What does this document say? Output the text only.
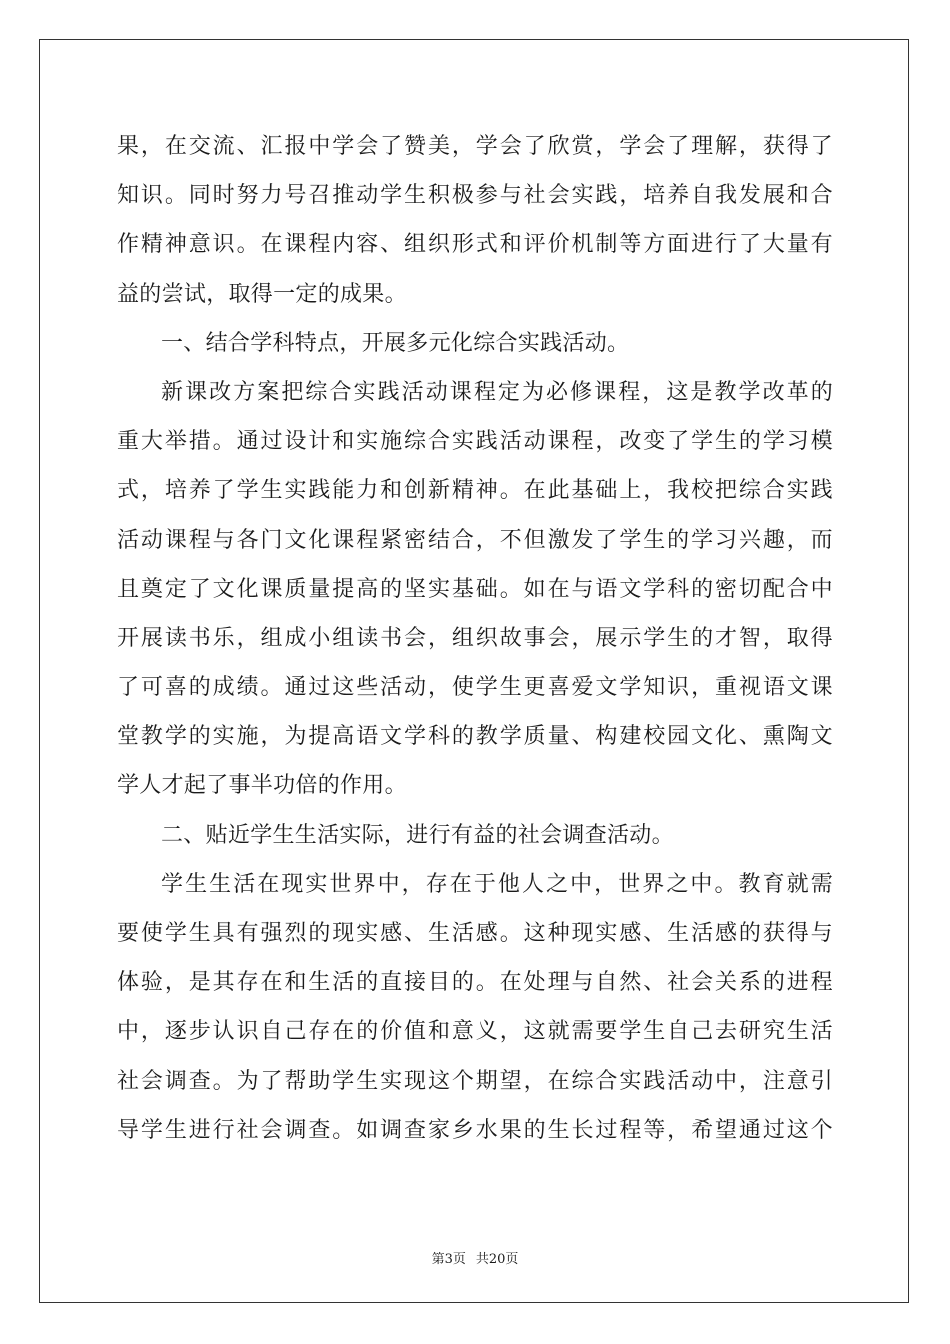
果，在交流、汇报中学会了赞美，学会了欣赏，学会了理解，获得了
知识。同时努力号召推动学生积极参与社会实践，培养自我发展和合
作精神意识。在课程内容、组织形式和评价机制等方面进行了大量有
益的尝试，取得一定的成果。
一、结合学科特点，开展多元化综合实践活动。
新课改方案把综合实践活动课程定为必修课程，这是教学改革的
重大举措。通过设计和实施综合实践活动课程，改变了学生的学习模
式，培养了学生实践能力和创新精神。在此基础上，我校把综合实践
活动课程与各门文化课程紧密结合，不但激发了学生的学习兴趣，而
且奠定了文化课质量提高的坚实基础。如在与语文学科的密切配合中
开展读书乐，组成小组读书会，组织故事会，展示学生的才智，取得
了可喜的成绩。通过这些活动，使学生更喜爱文学知识，重视语文课
堂教学的实施，为提高语文学科的教学质量、构建校园文化、熏陶文
学人才起了事半功倍的作用。
二、贴近学生生活实际，进行有益的社会调查活动。
学生生活在现实世界中，存在于他人之中，世界之中。教育就需
要使学生具有强烈的现实感、生活感。这种现实感、生活感的获得与
体验，是其存在和生活的直接目的。在处理与自然、社会关系的进程
中，逐步认识自己存在的价值和意义，这就需要学生自己去研究生活
社会调查。为了帮助学生实现这个期望，在综合实践活动中，注意引
导学生进行社会调查。如调查家乡水果的生长过程等，希望通过这个
第3页 共20页
